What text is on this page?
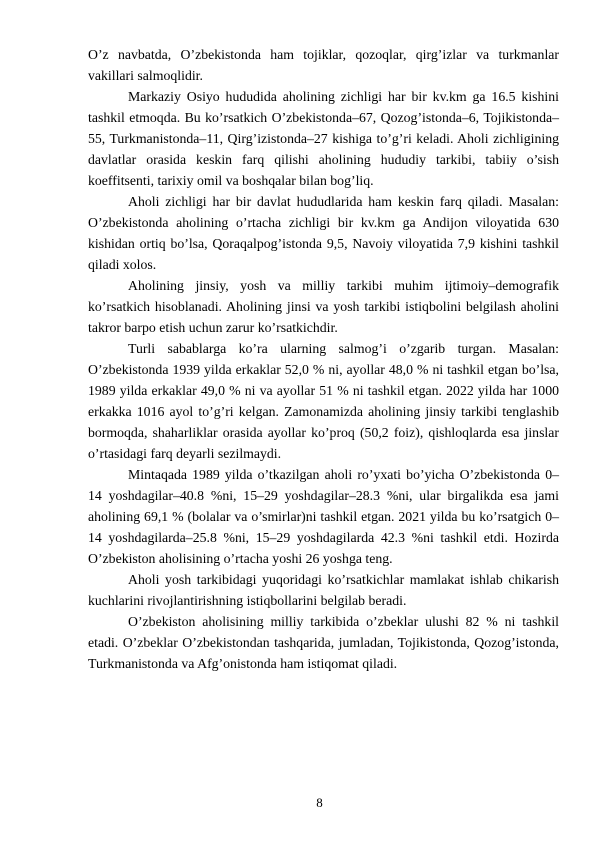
O’z navbatda, O’zbekistonda ham tojiklar, qozoqlar, qirg’izlar va turkmanlar vakillari salmoqlidir.

Markaziy Osiyo hududida aholining zichligi har bir kv.km ga 16.5 kishini tashkil etmoqda. Bu ko’rsatkich O’zbekistonda–67, Qozog’istonda–6, Tojikistonda–55, Turkmanistonda–11, Qirg’izistonda–27 kishiga to’g’ri keladi. Aholi zichligining davlatlar orasida keskin farq qilishi aholining hududiy tarkibi, tabiiy o’sish koeffitsenti, tarixiy omil va boshqalar bilan bog’liq.

Aholi zichligi har bir davlat hududlarida ham keskin farq qiladi. Masalan: O’zbekistonda aholining o’rtacha zichligi bir kv.km ga Andijon viloyatida 630 kishidan ortiq bo’lsa, Qoraqalpog’istonda 9,5, Navoiy viloyatida 7,9 kishini tashkil qiladi xolos.

Aholining jinsiy, yosh va milliy tarkibi muhim ijtimoiy–demografik ko’rsatkich hisoblanadi. Aholining jinsi va yosh tarkibi istiqbolini belgilash aholini takror barpo etish uchun zarur ko’rsatkichdir.

Turli sabablarga ko’ra ularning salmog’i o’zgarib turgan. Masalan: O’zbekistonda 1939 yilda erkaklar 52,0 % ni, ayollar 48,0 % ni tashkil etgan bo’lsa, 1989 yilda erkaklar 49,0 % ni va ayollar 51 % ni tashkil etgan. 2022 yilda har 1000 erkakka 1016 ayol to’g’ri kelgan. Zamonamizda aholining jinsiy tarkibi tenglashib bormoqda, shaharliklar orasida ayollar ko’proq (50,2 foiz), qishloqlarda esa jinslar o’rtasidagi farq deyarli sezilmaydi.

Mintaqada 1989 yilda o’tkazilgan aholi ro’yxati bo’yicha O’zbekistonda 0–14 yoshdagilar–40.8 %ni, 15–29 yoshdagilar–28.3 %ni, ular birgalikda esa jami aholining 69,1 % (bolalar va o’smirlar)ni tashkil etgan. 2021 yilda bu ko’rsatgich 0–14 yoshdagilarda–25.8 %ni, 15–29 yoshdagilarda 42.3 %ni tashkil etdi. Hozirda O’zbekiston aholisining o’rtacha yoshi 26 yoshga teng.

Aholi yosh tarkibidagi yuqoridagi ko’rsatkichlar mamlakat ishlab chikarish kuchlarini rivojlantirishning istiqbollarini belgilab beradi.

O’zbekiston aholisining milliy tarkibida o’zbeklar ulushi 82 % ni tashkil etadi. O’zbeklar O’zbekistondan tashqarida, jumladan, Tojikistonda, Qozog’istonda, Turkmanistonda va Afg’onistonda ham istiqomat qiladi.

8
